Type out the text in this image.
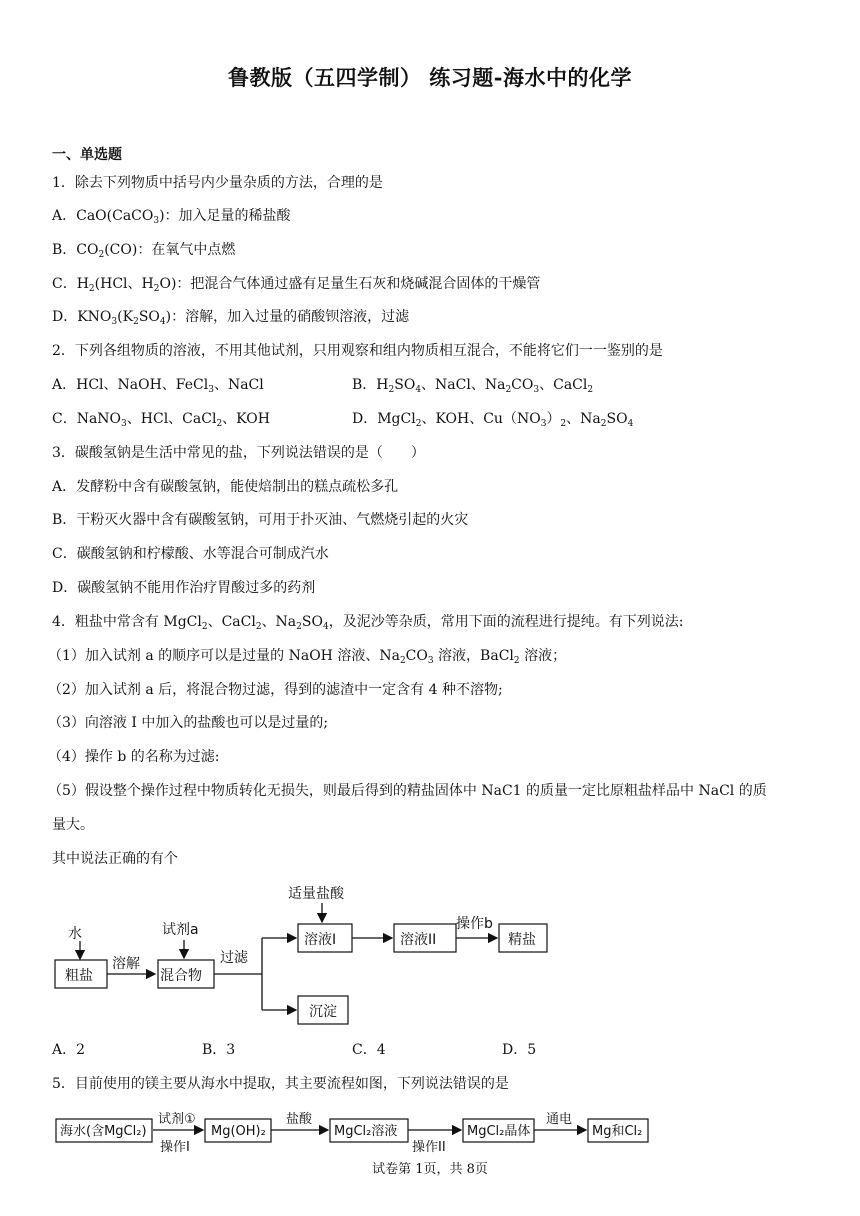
鲁教版（五四学制） 练习题-海水中的化学
一、单选题
1．除去下列物质中括号内少量杂质的方法，合理的是
A．CaO(CaCO$_3$)：加入足量的稀盐酸
B．$CO_2(CO)$：在氧气中点燃
C．$H_2(HCl$、$H_2O$)：把混合气体通过盛有足量生石灰和烧碱混合固体的干燥管
D．$KNO_3(K_2SO_4)$：溶解，加入过量的硝酸钡溶液，过滤
2．下列各组物质的溶液，不用其他试剂，只用观察和组内物质相互混合，不能将它们一一鉴别的是
A．HCl、NaOH、FeCl$_3$、NaCl	B．$H_2SO_4$、NaCl、$Na_2CO_3$、CaCl$_2$
C．NaNO$_3$、HCl、CaCl$_2$、KOH	D．MgCl$_2$、KOH、$Cu(NO_3)_2$、$Na_2SO_4$
3．碳酸氢钠是生活中常见的盐，下列说法错误的是（　　）
A．发酵粉中含有碳酸氢钠，能使焙制出的糕点疏松多孔
B．干粉灭火器中含有碳酸氢钠，可用于扑灭油、气燃烧引起的火灾
C．碳酸氢钠和柠檬酸、水等混合可制成汽水
D．碳酸氢钠不能用作治疗胃酸过多的药剂
4．粗盐中常含有 MgCl$_2$、CaCl$_2$、$Na_2SO_4$，及泥沙等杂质，常用下面的流程进行提纯。有下列说法:
（1）加入试剂 a 的顺序可以是过量的 NaOH 溶液、$Na_2CO_3$ 溶液，BaCl$_2$ 溶液；
（2）加入试剂 a 后，将混合物过滤，得到的滤渣中一定含有 4 种不溶物;
（3）向溶液 I 中加入的盐酸也可以是过量的;
（4）操作 b 的名称为过滤:
（5）假设整个操作过程中物质转化无损失，则最后得到的精盐固体中 NaC1 的质量一定比原粗盐样品中 NaCl 的质
量大。
其中说法正确的有个
水
粗盐
溶解
试剂a
混合物
过滤
适量盐酸
溶液I	溶液II
操作b
精盐
沉淀
A．2	B．3	C．4	D．5
5．目前使用的镁主要从海水中提取，其主要流程如图，下列说法错误的是
海水(含MgCl₂)
试剂①
操作I
Mg(OH)₂
盐酸
MgCl₂溶液
操作II
MgCl₂晶体
通电
Mg和Cl₂
试卷第 1页，共 8页
